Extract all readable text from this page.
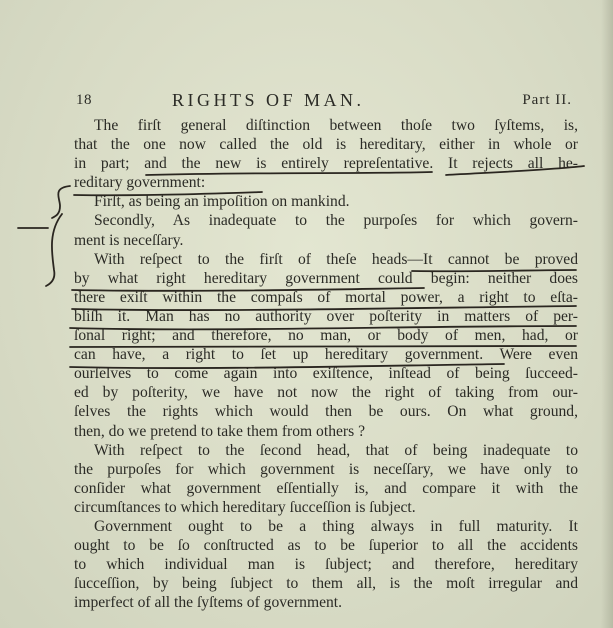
18	RIGHTS OF MAN.	Part II.
The firſt general diſtinction between thoſe two ſyſtems, is,
that the one now called the old is hereditary, either in whole or
in part; and the new is entirely repreſentative. It rejects all he-
reditary government:
Firſt, as being an impoſition on mankind.
Secondly, As inadequate to the purpoſes for which govern-
ment is neceſſary.
With reſpect to the firſt of theſe heads—It cannot be proved
by what right hereditary government could begin: neither does
there exiſt within the compaſs of mortal power, a right to eſta-
bliſh it. Man has no authority over poſterity in matters of per-
ſonal right; and therefore, no man, or body of men, had, or
can have, a right to ſet up hereditary government. Were even
ourſelves to come again into exiſtence, inſtead of being ſucceed-
ed by poſterity, we have not now the right of taking from our-
ſelves the rights which would then be ours. On what ground,
then, do we pretend to take them from others ?
With reſpect to the ſecond head, that of being inadequate to
the purpoſes for which government is neceſſary, we have only to
conſider what government eſſentially is, and compare it with the
circumſtances to which hereditary ſucceſſion is ſubject.
Government ought to be a thing always in full maturity. It
ought to be ſo conſtructed as to be ſuperior to all the accidents
to which individual man is ſubject; and therefore, hereditary
ſucceſſion, by being ſubject to them all, is the moſt irregular and
imperfect of all the ſyſtems of government.
